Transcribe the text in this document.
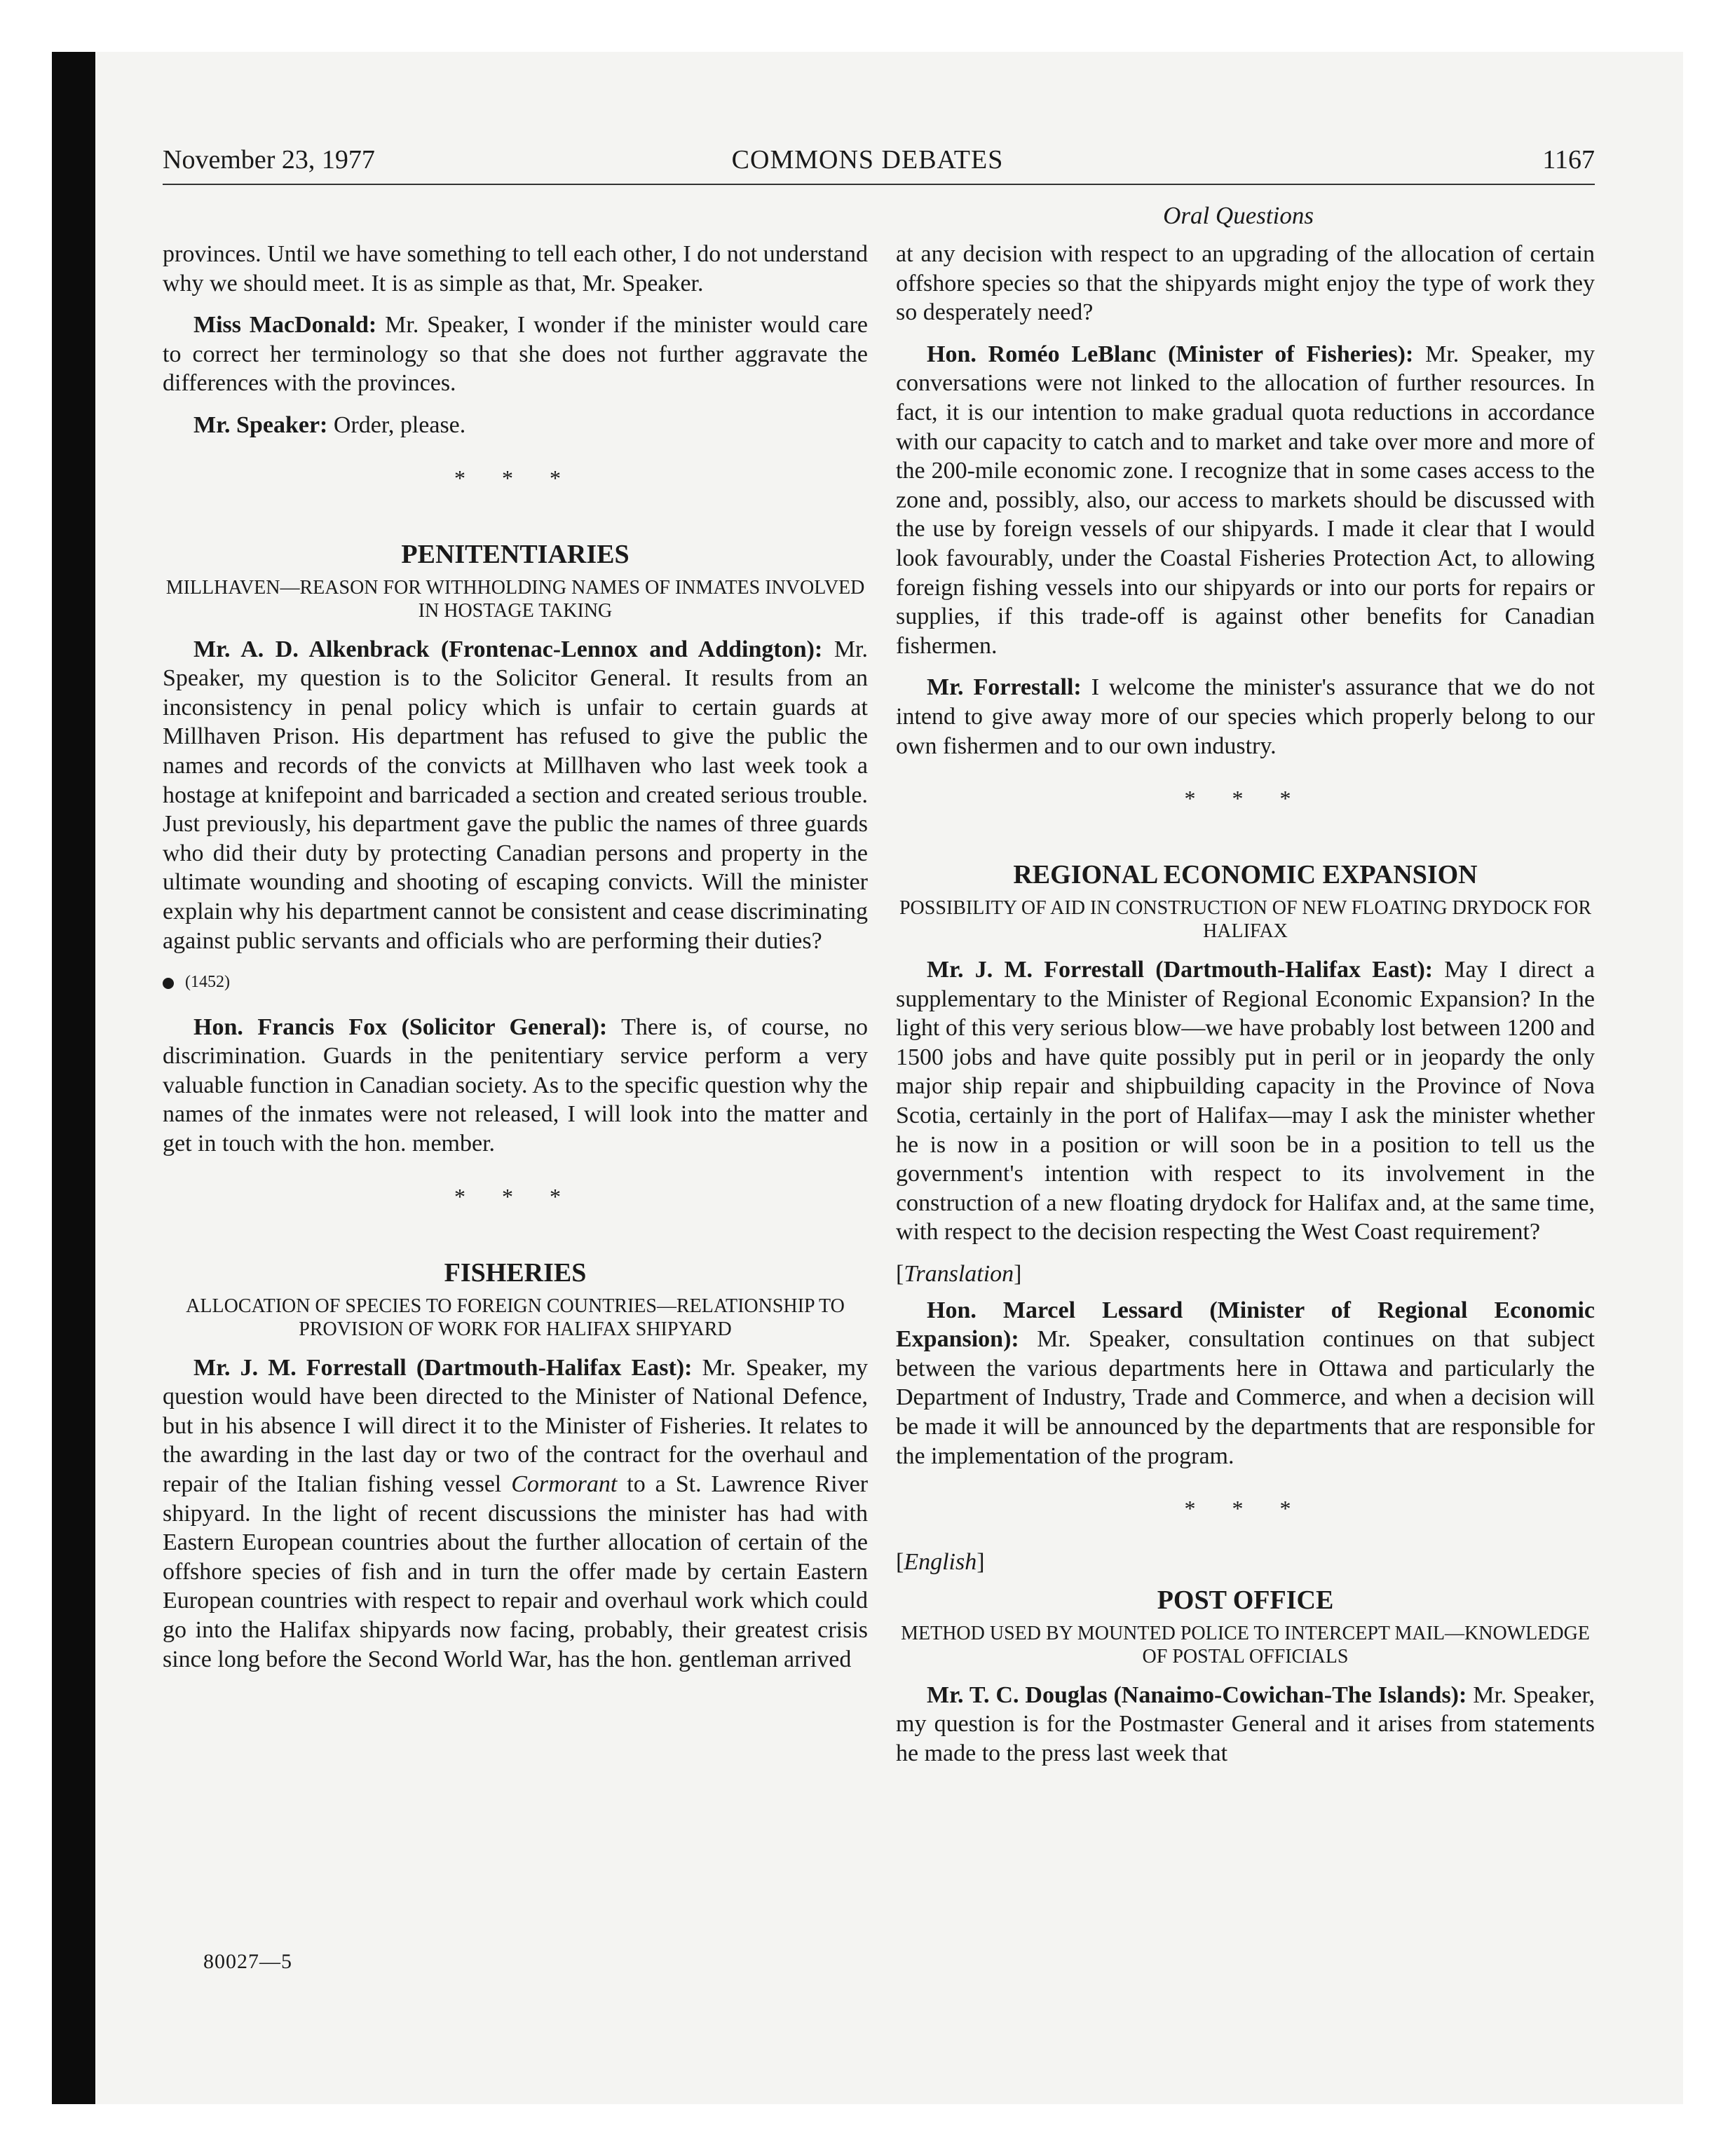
November 23, 1977	COMMONS DEBATES	1167
Oral Questions

provinces. Until we have something to tell each other, I do not understand why we should meet. It is as simple as that, Mr. Speaker.

Miss MacDonald: Mr. Speaker, I wonder if the minister would care to correct her terminology so that she does not further aggravate the differences with the provinces.

Mr. Speaker: Order, please.

* * *

PENITENTIARIES

MILLHAVEN—REASON FOR WITHHOLDING NAMES OF INMATES INVOLVED IN HOSTAGE TAKING

Mr. A. D. Alkenbrack (Frontenac-Lennox and Addington): Mr. Speaker, my question is to the Solicitor General. It results from an inconsistency in penal policy which is unfair to certain guards at Millhaven Prison. His department has refused to give the public the names and records of the convicts at Millhaven who last week took a hostage at knifepoint and barricaded a section and created serious trouble. Just previously, his department gave the public the names of three guards who did their duty by protecting Canadian persons and property in the ultimate wounding and shooting of escaping convicts. Will the minister explain why his department cannot be consistent and cease discriminating against public servants and officials who are performing their duties?

(1452)

Hon. Francis Fox (Solicitor General): There is, of course, no discrimination. Guards in the penitentiary service perform a very valuable function in Canadian society. As to the specific question why the names of the inmates were not released, I will look into the matter and get in touch with the hon. member.

* * *

FISHERIES

ALLOCATION OF SPECIES TO FOREIGN COUNTRIES—RELATIONSHIP TO PROVISION OF WORK FOR HALIFAX SHIPYARD

Mr. J. M. Forrestall (Dartmouth-Halifax East): Mr. Speaker, my question would have been directed to the Minister of National Defence, but in his absence I will direct it to the Minister of Fisheries. It relates to the awarding in the last day or two of the contract for the overhaul and repair of the Italian fishing vessel Cormorant to a St. Lawrence River shipyard. In the light of recent discussions the minister has had with Eastern European countries about the further allocation of certain of the offshore species of fish and in turn the offer made by certain Eastern European countries with respect to repair and overhaul work which could go into the Halifax shipyards now facing, probably, their greatest crisis since long before the Second World War, has the hon. gentleman arrived

at any decision with respect to an upgrading of the allocation of certain offshore species so that the shipyards might enjoy the type of work they so desperately need?

Hon. Roméo LeBlanc (Minister of Fisheries): Mr. Speaker, my conversations were not linked to the allocation of further resources. In fact, it is our intention to make gradual quota reductions in accordance with our capacity to catch and to market and take over more and more of the 200-mile economic zone. I recognize that in some cases access to the zone and, possibly, also, our access to markets should be discussed with the use by foreign vessels of our shipyards. I made it clear that I would look favourably, under the Coastal Fisheries Protection Act, to allowing foreign fishing vessels into our shipyards or into our ports for repairs or supplies, if this trade-off is against other benefits for Canadian fishermen.

Mr. Forrestall: I welcome the minister's assurance that we do not intend to give away more of our species which properly belong to our own fishermen and to our own industry.

* * *

REGIONAL ECONOMIC EXPANSION

POSSIBILITY OF AID IN CONSTRUCTION OF NEW FLOATING DRYDOCK FOR HALIFAX

Mr. J. M. Forrestall (Dartmouth-Halifax East): May I direct a supplementary to the Minister of Regional Economic Expansion? In the light of this very serious blow—we have probably lost between 1200 and 1500 jobs and have quite possibly put in peril or in jeopardy the only major ship repair and shipbuilding capacity in the Province of Nova Scotia, certainly in the port of Halifax—may I ask the minister whether he is now in a position or will soon be in a position to tell us the government's intention with respect to its involvement in the construction of a new floating drydock for Halifax and, at the same time, with respect to the decision respecting the West Coast requirement?

[Translation]

Hon. Marcel Lessard (Minister of Regional Economic Expansion): Mr. Speaker, consultation continues on that subject between the various departments here in Ottawa and particularly the Department of Industry, Trade and Commerce, and when a decision will be made it will be announced by the departments that are responsible for the implementation of the program.

* * *

[English]

POST OFFICE

METHOD USED BY MOUNTED POLICE TO INTERCEPT MAIL—KNOWLEDGE OF POSTAL OFFICIALS

Mr. T. C. Douglas (Nanaimo-Cowichan-The Islands): Mr. Speaker, my question is for the Postmaster General and it arises from statements he made to the press last week that

80027—5
